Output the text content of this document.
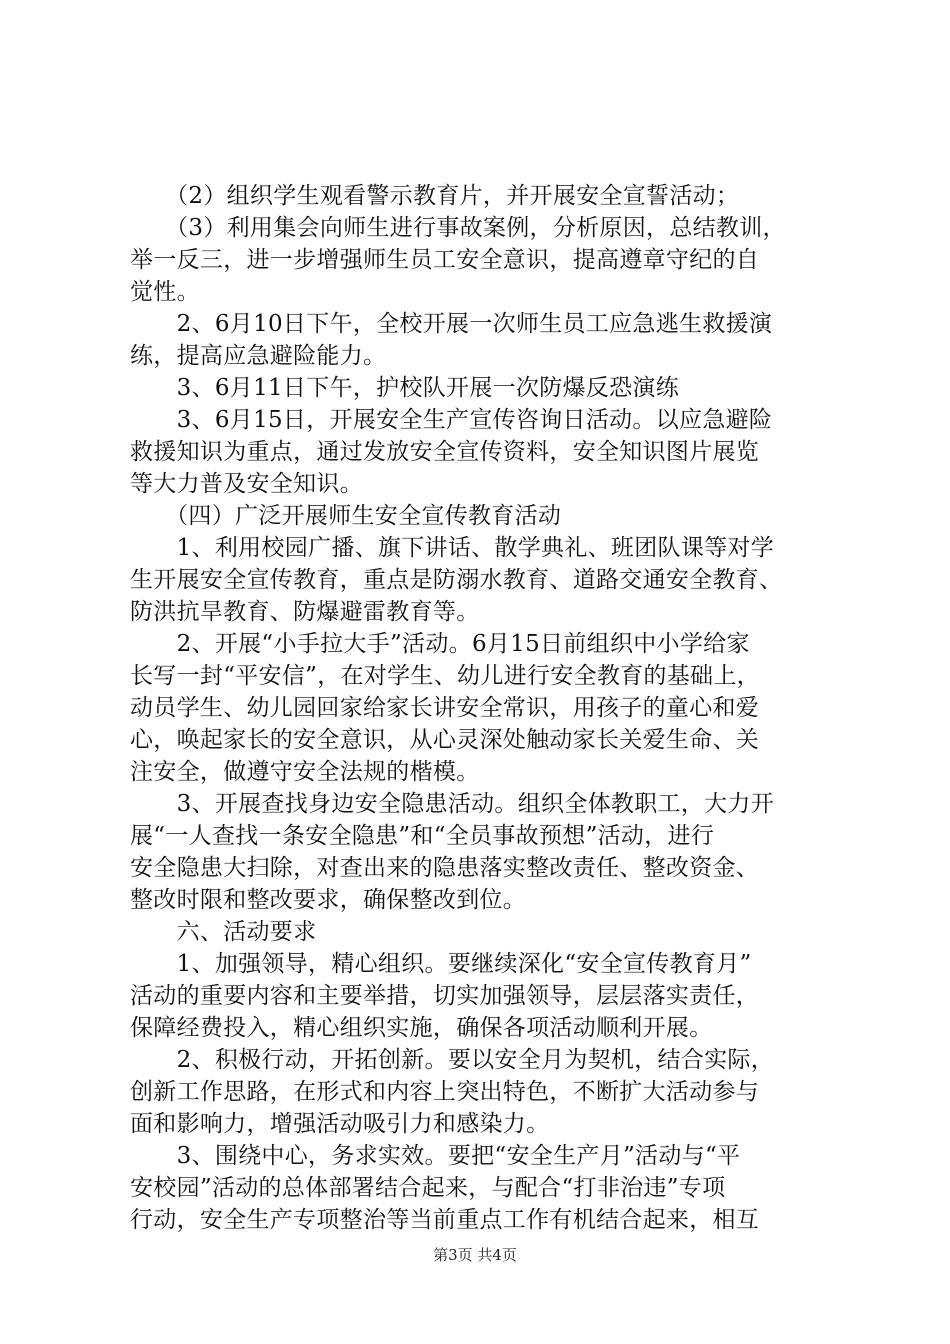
　　（2）组织学生观看警示教育片，并开展安全宣誓活动；
　　（3）利用集会向师生进行事故案例，分析原因，总结教训，
举一反三，进一步增强师生员工安全意识，提高遵章守纪的自
觉性。
　　2、6月10日下午，全校开展一次师生员工应急逃生救援演
练，提高应急避险能力。
　　3、6月11日下午，护校队开展一次防爆反恐演练
　　3、6月15日，开展安全生产宣传咨询日活动。以应急避险
救援知识为重点，通过发放安全宣传资料，安全知识图片展览
等大力普及安全知识。
　　（四）广泛开展师生安全宣传教育活动
　　1、利用校园广播、旗下讲话、散学典礼、班团队课等对学
生开展安全宣传教育，重点是防溺水教育、道路交通安全教育、
防洪抗旱教育、防爆避雷教育等。
　　2、开展“小手拉大手”活动。6月15日前组织中小学给家
长写一封“平安信”，在对学生、幼儿进行安全教育的基础上，
动员学生、幼儿园回家给家长讲安全常识，用孩子的童心和爱
心，唤起家长的安全意识，从心灵深处触动家长关爱生命、关
注安全，做遵守安全法规的楷模。
　　3、开展查找身边安全隐患活动。组织全体教职工，大力开
展“一人查找一条安全隐患”和“全员事故预想”活动，进行
安全隐患大扫除，对查出来的隐患落实整改责任、整改资金、
整改时限和整改要求，确保整改到位。
　　六、活动要求
　　1、加强领导，精心组织。要继续深化“安全宣传教育月”
活动的重要内容和主要举措，切实加强领导，层层落实责任，
保障经费投入，精心组织实施，确保各项活动顺利开展。
　　2、积极行动，开拓创新。要以安全月为契机，结合实际，
创新工作思路，在形式和内容上突出特色，不断扩大活动参与
面和影响力，增强活动吸引力和感染力。
　　3、围绕中心，务求实效。要把“安全生产月”活动与“平
安校园”活动的总体部署结合起来，与配合“打非治违”专项
行动，安全生产专项整治等当前重点工作有机结合起来，相互
第3页 共4页
